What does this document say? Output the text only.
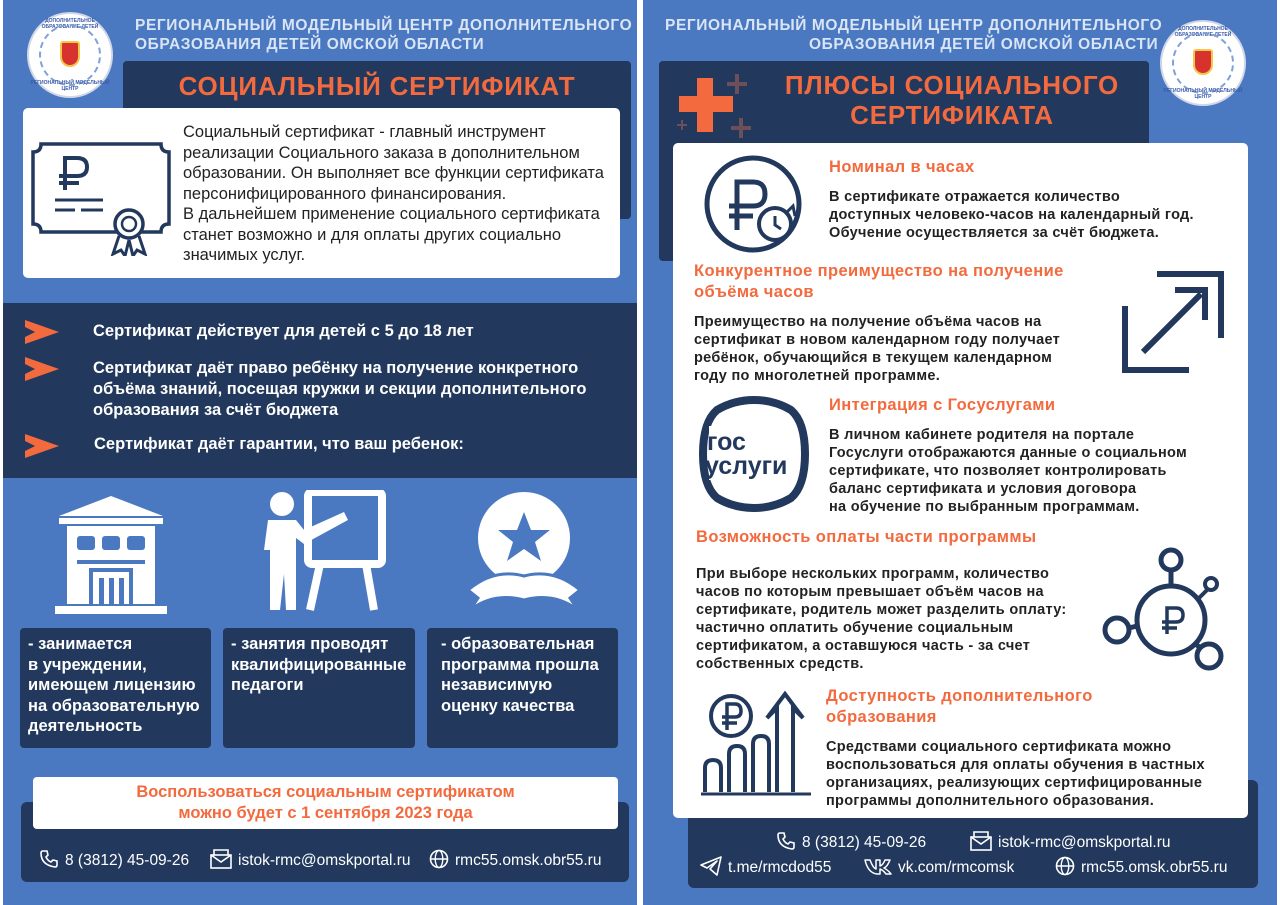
РЕГИОНАЛЬНЫЙ МОДЕЛЬНЫЙ ЦЕНТР ДОПОЛНИТЕЛЬНОГО
ОБРАЗОВАНИЯ ДЕТЕЙ ОМСКОЙ ОБЛАСТИ
ДОПОЛНИТЕЛЬНОЕ ОБРАЗОВАНИЕ ДЕТЕЙ
РЕГИОНАЛЬНЫЙ МОДЕЛЬНЫЙ ЦЕНТР	СОЦИАЛЬНЫЙ СЕРТИФИКАТ
Социальный сертификат - главный инструмент
реализации Социального заказа в дополнительном
образовании. Он выполняет все функции сертификата
персонифицированного финансирования.
В дальнейшем применение социального сертификата
станет возможно и для оплаты других социально
значимых услуг.
Сертификат действует для детей с 5 до 18 лет
Сертификат даёт право ребёнку на получение конкретного
объёма знаний, посещая кружки и секции дополнительного
образования за счёт бюджета
Сертификат даёт гарантии, что ваш ребенок:
- занимается
в учреждении,
имеющем лицензию
на образовательную
деятельность
- занятия проводят
квалифицированные
педагоги
- образовательная
программа прошла
независимую
оценку качества
Воспользоваться социальным сертификатом
можно будет с 1 сентября 2023 года
8 (3812) 45-09-26	istok-rmc@omskportal.ru	rmc55.omsk.obr55.ru
РЕГИОНАЛЬНЫЙ МОДЕЛЬНЫЙ ЦЕНТР ДОПОЛНИТЕЛЬНОГО
ОБРАЗОВАНИЯ ДЕТЕЙ ОМСКОЙ ОБЛАСТИ
ДОПОЛНИТЕЛЬНОЕ ОБРАЗОВАНИЕ ДЕТЕЙ
РЕГИОНАЛЬНЫЙ МОДЕЛЬНЫЙ ЦЕНТР
ПЛЮСЫ СОЦИАЛЬНОГО
СЕРТИФИКАТА
Номинал в часах
В сертификате отражается количество
доступных человеко-часов на календарный год.
Обучение осуществляется за счёт бюджета.
Конкурентное преимущество на получение
объёма часов
Преимущество на получение объёма часов на
сертификат в новом календарном году получает
ребёнок, обучающийся в текущем календарном
году по многолетней программе.
гос
услуги
Интеграция с Госуслугами
В личном кабинете родителя на портале
Госуслуги отображаются данные о социальном
сертификате, что позволяет контролировать
баланс сертификата и условия договора
на обучение по выбранным программам.
Возможность оплаты части программы
При выборе нескольких программ, количество
часов по которым превышает объём часов на
сертификате, родитель может разделить оплату:
частично оплатить обучение социальным
сертификатом, а оставшуюся часть - за счет
собственных средств.
Доступность дополнительного
образования
Средствами социального сертификата можно
воспользоваться для оплаты обучения в частных
организациях, реализующих сертифицированные
программы дополнительного образования.
8 (3812) 45-09-26	istok-rmc@omskportal.ru
t.me/rmcdod55	vk.com/rmcomsk	rmc55.omsk.obr55.ru
